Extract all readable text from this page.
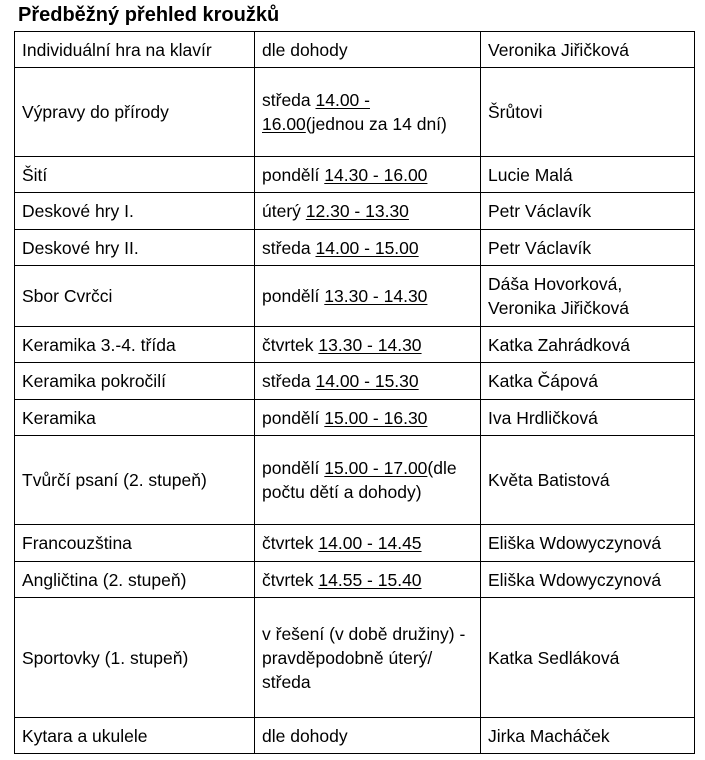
Předběžný přehled kroužků
Individuální hra na klavír	dle dohody	Veronika Jiřičková
Výpravy do přírody	středa 14.00 - 16.00(jednou za 14 dní)	Šrůtovi
Šití	pondělí 14.30 - 16.00	Lucie Malá
Deskové hry I.	úterý 12.30 - 13.30	Petr Václavík
Deskové hry II.	středa 14.00 - 15.00	Petr Václavík
Sbor Cvrčci	pondělí 13.30 - 14.30	Dáša Hovorková, Veronika Jiřičková
Keramika 3.-4. třída	čtvrtek 13.30 - 14.30	Katka Zahrádková
Keramika pokročilí	středa 14.00 - 15.30	Katka Čápová
Keramika	pondělí 15.00 - 16.30	Iva Hrdličková
Tvůrčí psaní (2. stupeň)	pondělí 15.00 - 17.00(dle počtu dětí a dohody)	Květa Batistová
Francouzština	čtvrtek 14.00 - 14.45	Eliška Wdowyczynová
Angličtina (2. stupeň)	čtvrtek 14.55 - 15.40	Eliška Wdowyczynová
Sportovky (1. stupeň)	v řešení (v době družiny) - pravděpodobně úterý/ středa	Katka Sedláková
Kytara a ukulele	dle dohody	Jirka Macháček
